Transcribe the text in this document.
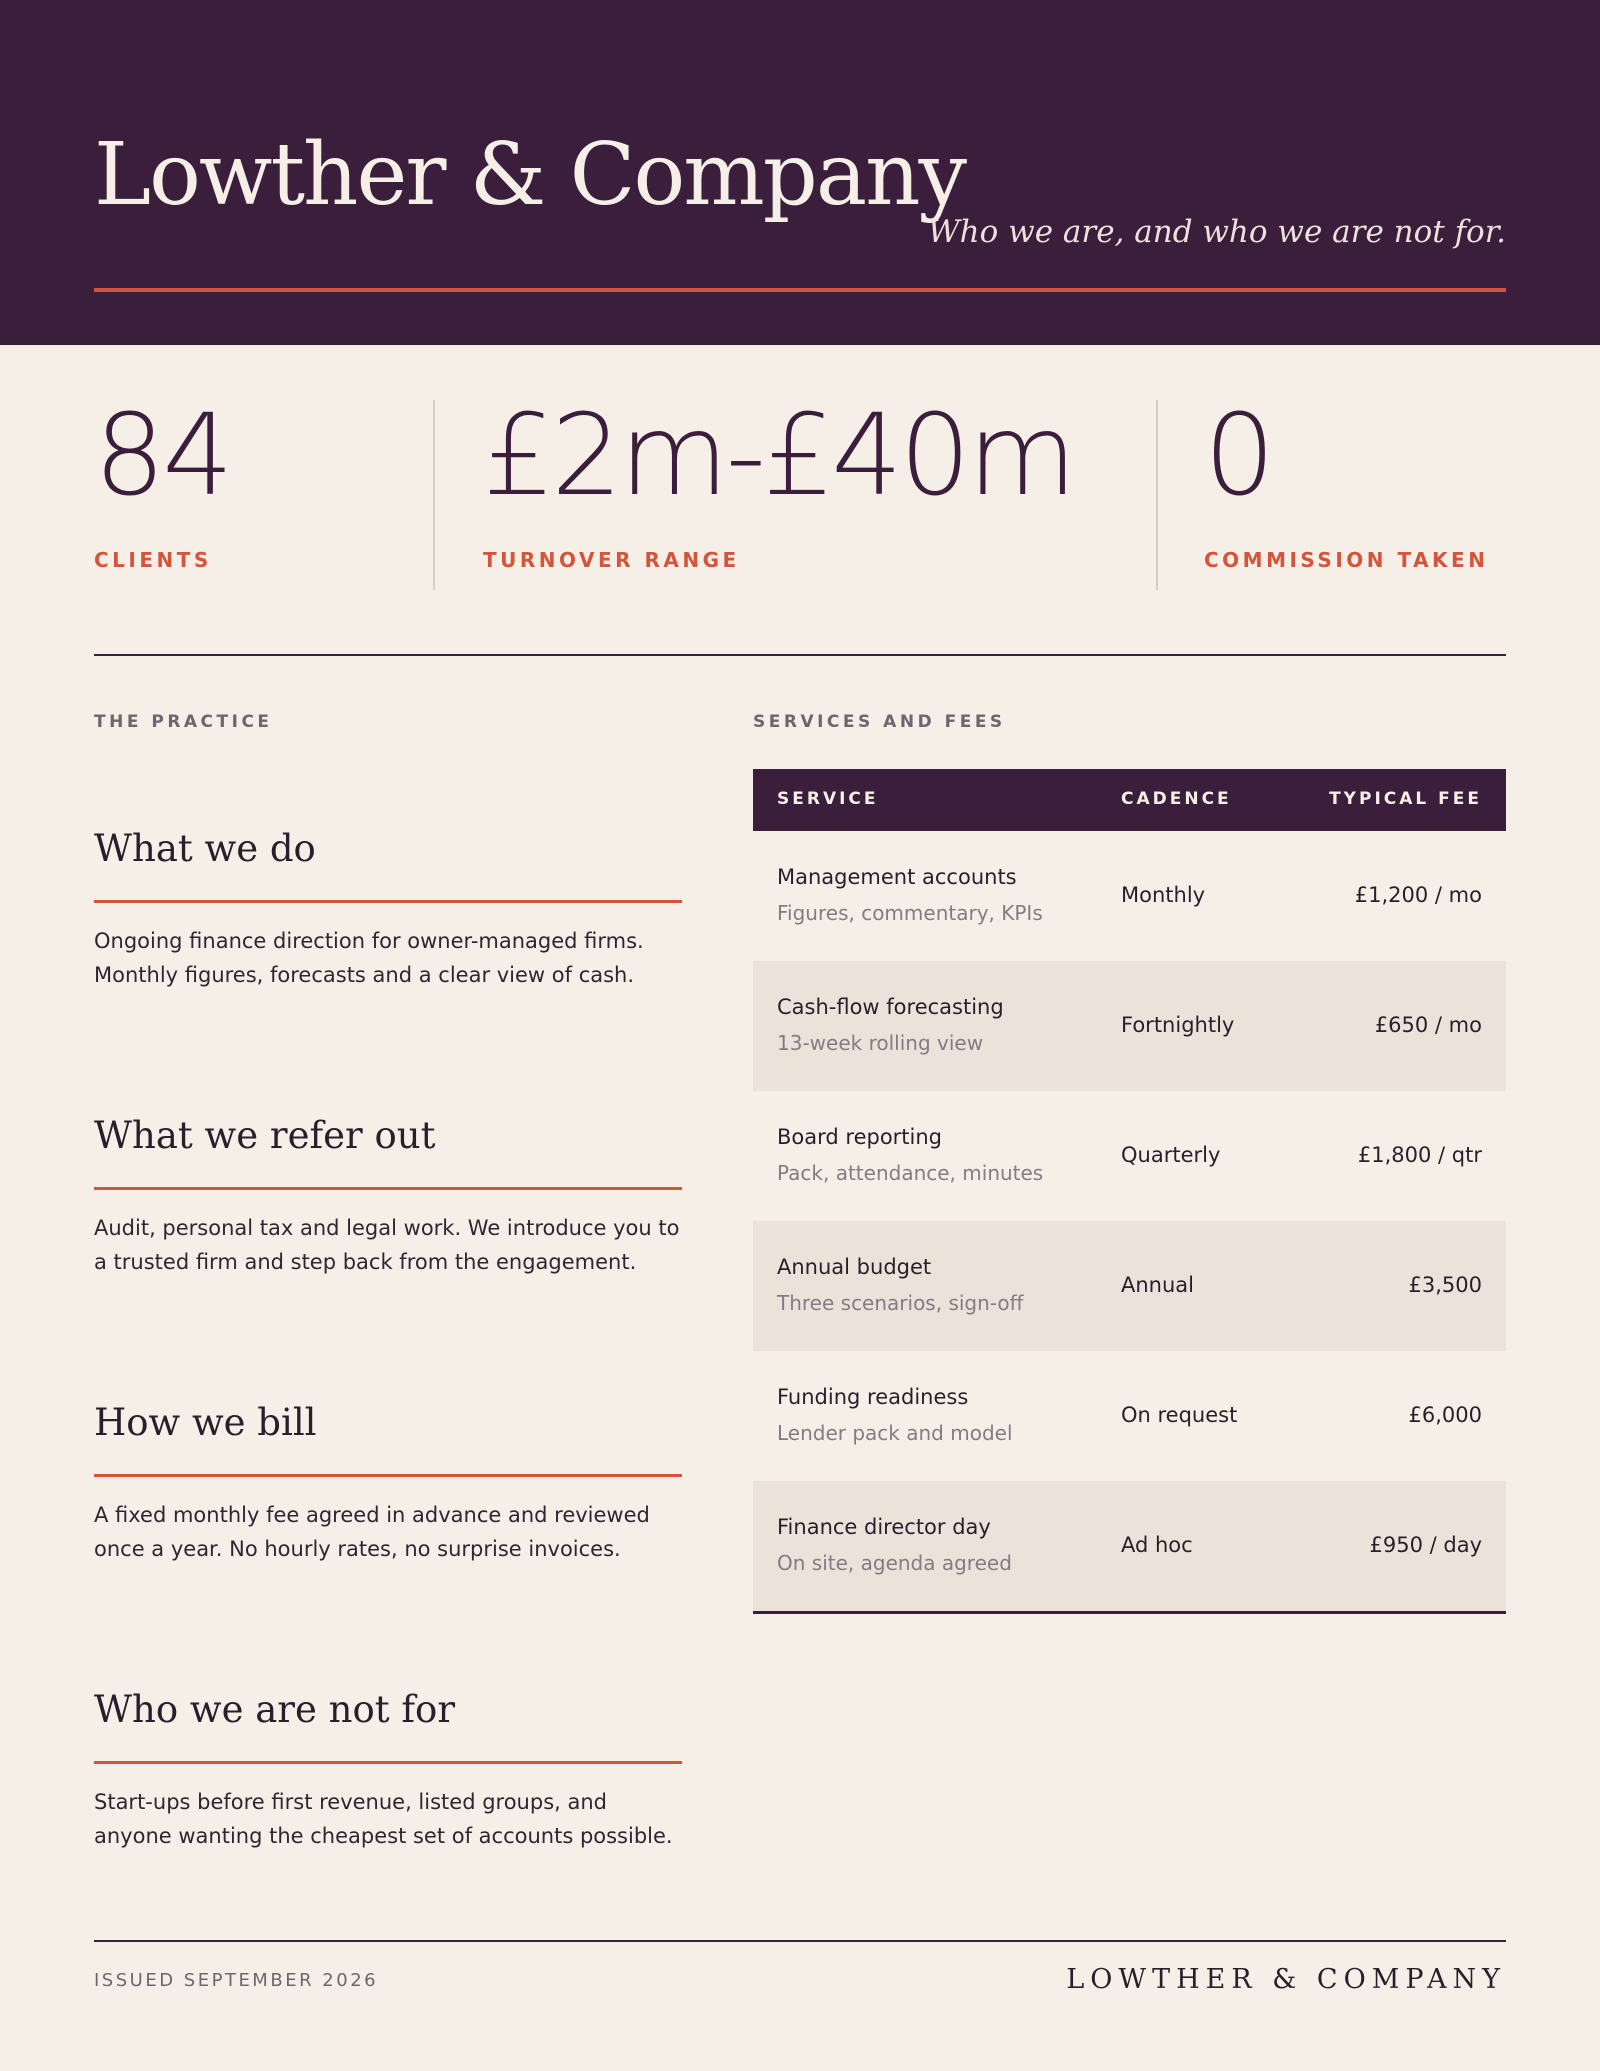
Lowther & Company
Who we are, and who we are not for.
84
CLIENTS
£2m-£40m
TURNOVER RANGE
0
COMMISSION TAKEN
THE PRACTICE	SERVICES AND FEES
What we do

Ongoing finance direction for owner-managed firms. Monthly figures, forecasts and a clear view of cash.

What we refer out

Audit, personal tax and legal work. We introduce you to a trusted firm and step back from the engagement.

How we bill

A fixed monthly fee agreed in advance and reviewed once a year. No hourly rates, no surprise invoices.

Who we are not for

Start-ups before first revenue, listed groups, and anyone wanting the cheapest set of accounts possible.

SERVICE	CADENCE	TYPICAL FEE
Management accounts
Figures, commentary, KPIs
Monthly	£1,200 / mo
Cash-flow forecasting
13-week rolling view
Fortnightly	£650 / mo
Board reporting
Pack, attendance, minutes
Quarterly	£1,800 / qtr
Annual budget
Three scenarios, sign-off
Annual	£3,500
Funding readiness
Lender pack and model
On request	£6,000
Finance director day
On site, agenda agreed
Ad hoc	£950 / day
ISSUED SEPTEMBER 2026	LOWTHER & COMPANY
